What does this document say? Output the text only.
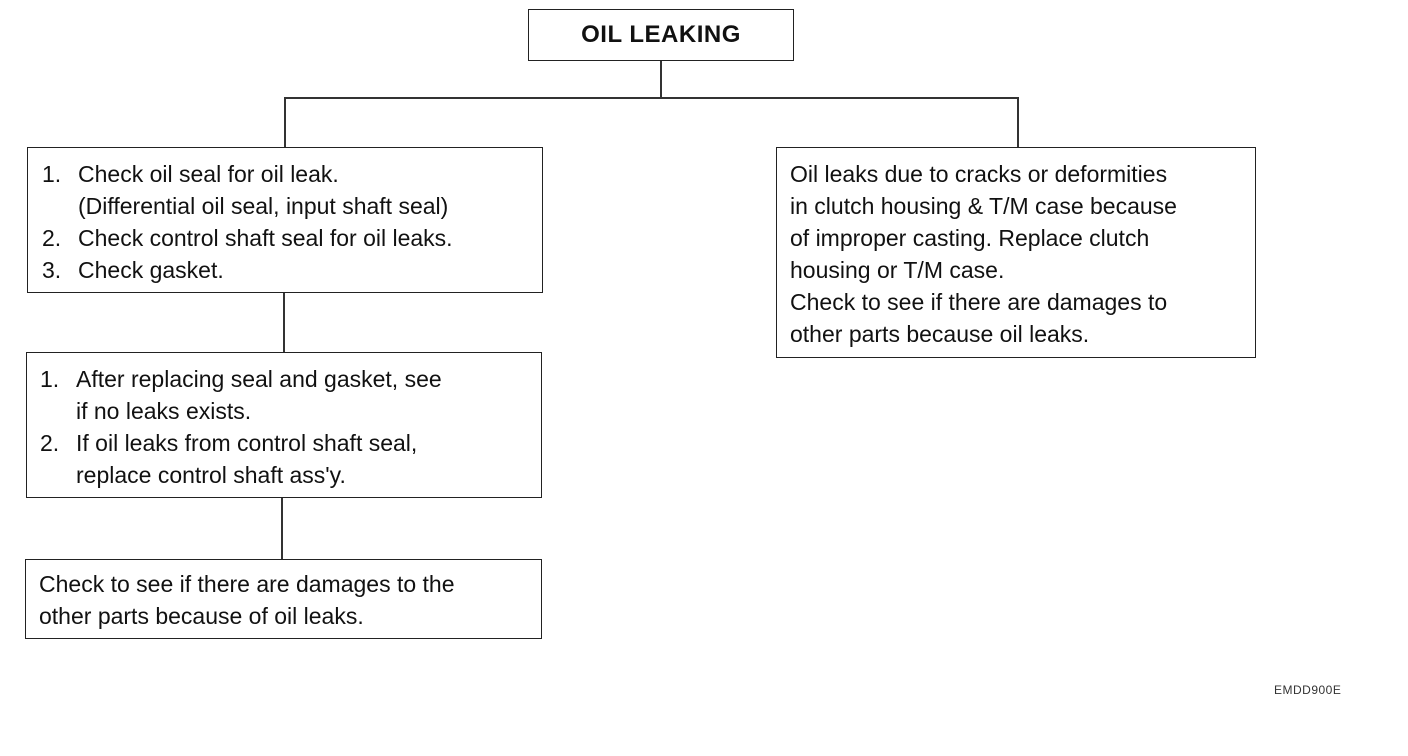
OIL LEAKING
1. Check oil seal for oil leak.
(Differential oil seal, input shaft seal)
2. Check control shaft seal for oil leaks.
3. Check gasket.
1. After replacing seal and gasket, see
if no leaks exists.
2. If oil leaks from control shaft seal,
replace control shaft ass'y.
Check to see if there are damages to the
other parts because of oil leaks.
Oil leaks due to cracks or deformities
in clutch housing & T/M case because
of improper casting. Replace clutch
housing or T/M case.
Check to see if there are damages to
other parts because oil leaks.
EMDD900E
